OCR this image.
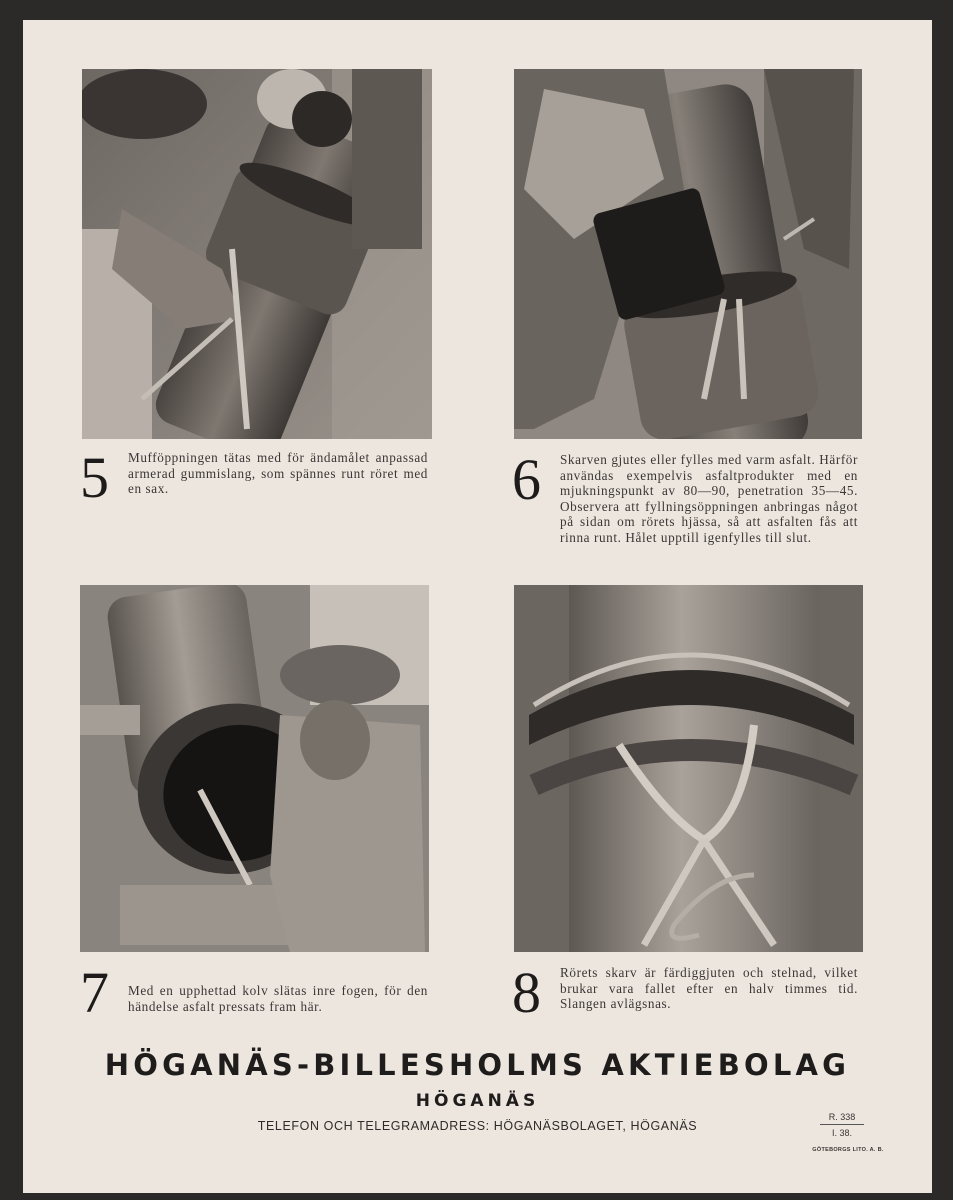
5	Mufföppningen tätas med för ändamålet anpassad armerad gummislang, som spännes runt röret med en sax.	6	Skarven gjutes eller fylles med varm asfalt. Härför användas exempelvis asfaltprodukter med en mjukningspunkt av 80—90, penetration 35—45. Observera att fyllningsöppningen anbringas något på sidan om rörets hjässa, så att asfalten fås att rinna runt. Hålet upptill igenfylles till slut.
7	Med en upphettad kolv slätas inre fogen, för den händelse asfalt pressats fram här.	8	Rörets skarv är färdiggjuten och stelnad, vilket brukar vara fallet efter en halv timmes tid. Slangen avlägsnas.
HÖGANÄS-BILLESHOLMS AKTIEBOLAG
HÖGANÄS
TELEFON OCH TELEGRAMADRESS: HÖGANÄSBOLAGET, HÖGANÄS
R. 338
I. 38.
GÖTEBORGS LITO. A. B.
